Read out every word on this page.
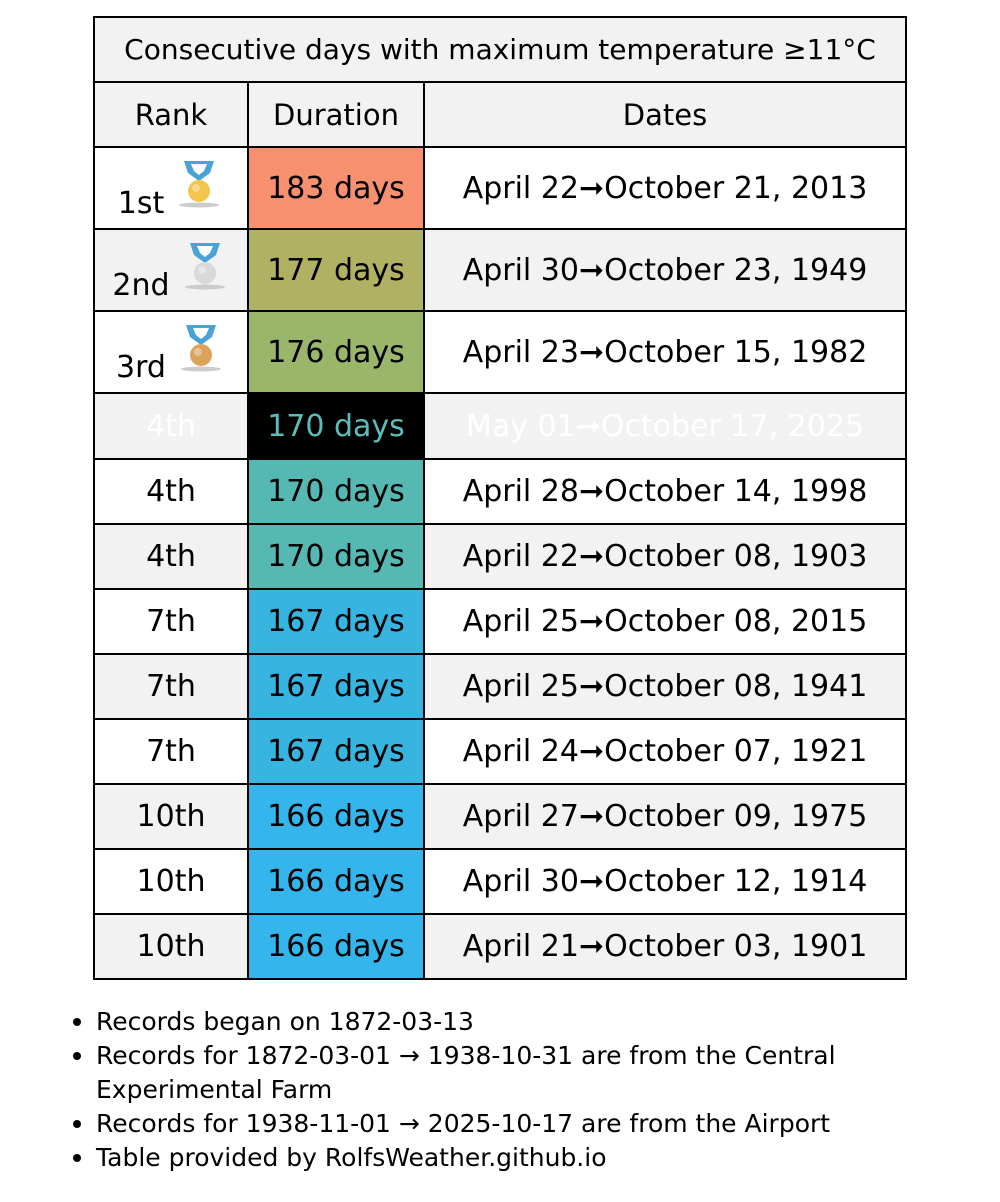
Consecutive days with maximum temperature ≥11°C		
Rank	Duration	Dates

1st	183 days	April 22➞October 21, 2013

2nd	177 days	April 30➞October 23, 1949

3rd	176 days	April 23➞October 15, 1982
4th	170 days	May 01➞October 17, 2025
4th	170 days	April 28➞October 14, 1998
4th	170 days	April 22➞October 08, 1903
7th	167 days	April 25➞October 08, 2015
7th	167 days	April 25➞October 08, 1941
7th	167 days	April 24➞October 07, 1921
10th	166 days	April 27➞October 09, 1975
10th	166 days	April 30➞October 12, 1914
10th	166 days	April 21➞October 03, 1901
Records began on 1872-03-13
Records for 1872-03-01 → 1938-10-31 are from the Central Experimental Farm
Records for 1938-11-01 → 2025-10-17 are from the Airport
Table provided by RolfsWeather.github.io
